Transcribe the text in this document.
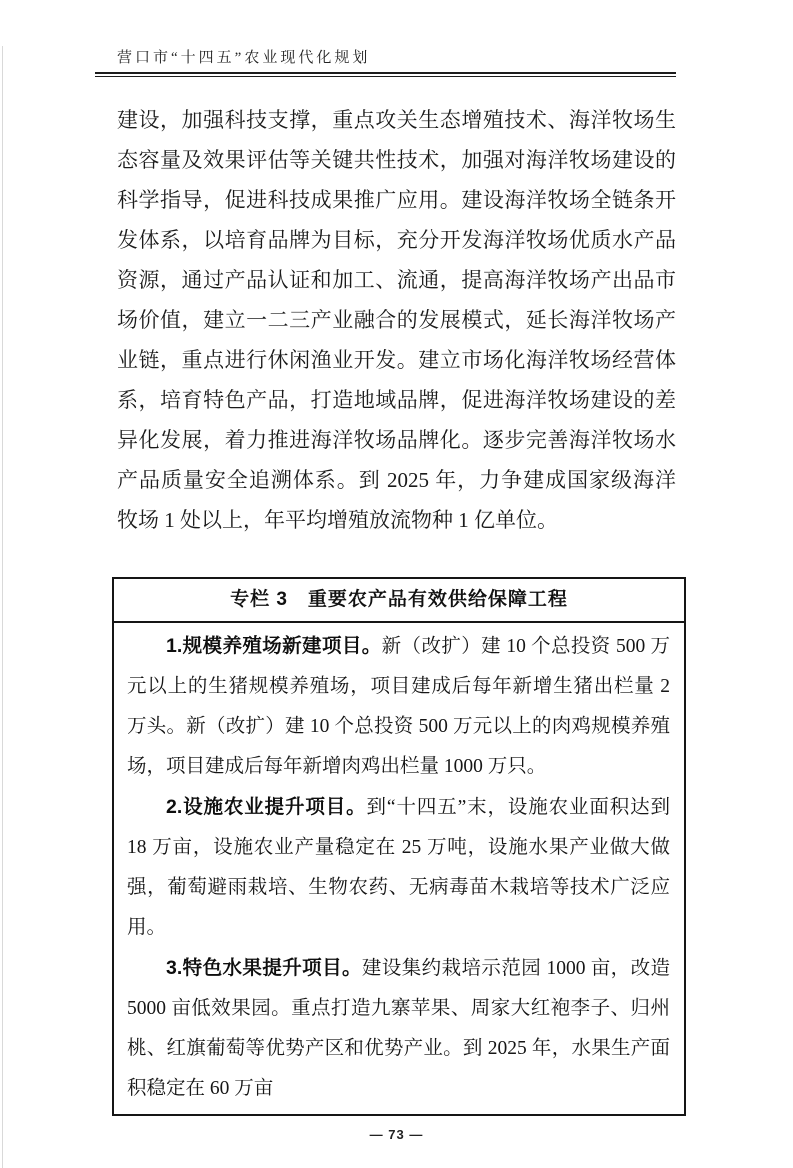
营口市“十四五”农业现代化规划
建设，加强科技支撑，重点攻关生态增殖技术、海洋牧场生
态容量及效果评估等关键共性技术，加强对海洋牧场建设的
科学指导，促进科技成果推广应用。建设海洋牧场全链条开
发体系，以培育品牌为目标，充分开发海洋牧场优质水产品
资源，通过产品认证和加工、流通，提高海洋牧场产出品市
场价值，建立一二三产业融合的发展模式，延长海洋牧场产
业链，重点进行休闲渔业开发。建立市场化海洋牧场经营体
系，培育特色产品，打造地域品牌，促进海洋牧场建设的差
异化发展，着力推进海洋牧场品牌化。逐步完善海洋牧场水
产品质量安全追溯体系。到 2025 年，力争建成国家级海洋
牧场 1 处以上，年平均增殖放流物种 1 亿单位。
专栏 3　重要农产品有效供给保障工程

1.规模养殖场新建项目。新（改扩）建 10 个总投资 500 万元以上的生猪规模养殖场，项目建成后每年新增生猪出栏量 2 万头。新（改扩）建 10 个总投资 500 万元以上的肉鸡规模养殖场，项目建成后每年新增肉鸡出栏量 1000 万只。

2.设施农业提升项目。到“十四五”末，设施农业面积达到 18 万亩，设施农业产量稳定在 25 万吨，设施水果产业做大做强，葡萄避雨栽培、生物农药、无病毒苗木栽培等技术广泛应用。

3.特色水果提升项目。建设集约栽培示范园 1000 亩，改造 5000 亩低效果园。重点打造九寨苹果、周家大红袍李子、归州桃、红旗葡萄等优势产区和优势产业。到 2025 年，水果生产面积稳定在 60 万亩

— 73 —
